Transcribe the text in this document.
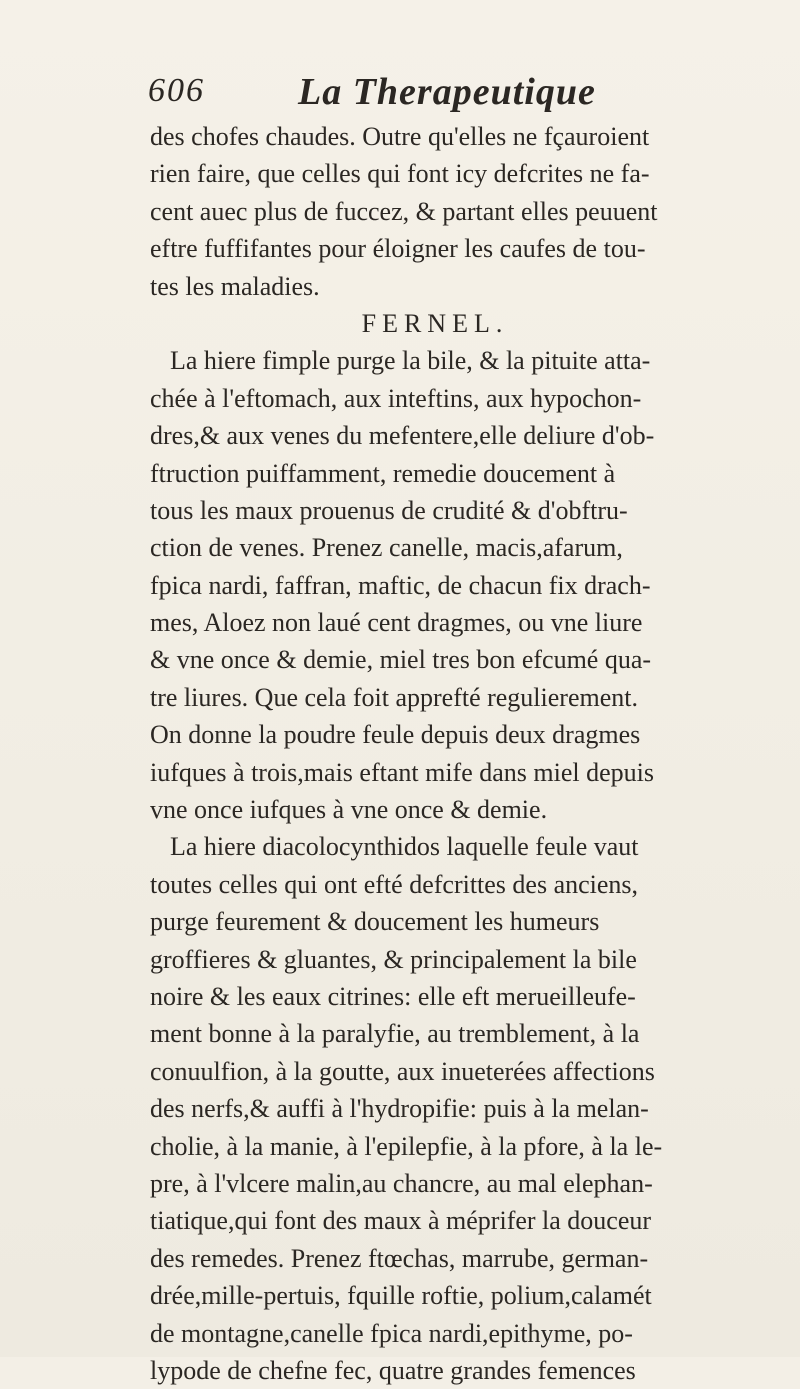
606 La Therapeutique
des chofes chaudes. Outre qu'elles ne fçauroient
rien faire, que celles qui font icy defcrites ne fa-
cent auec plus de fuccez, & partant elles peuuent
eftre fuffifantes pour éloigner les caufes de tou-
tes les maladies.
FERNEL.
La hiere fimple purge la bile, & la pituite atta-
chée à l'eftomach, aux inteftins, aux hypochon-
dres,& aux venes du mefentere,elle deliure d'ob-
ftruction puiffamment, remedie doucement à
tous les maux prouenus de crudité & d'obftru-
ction de venes. Prenez canelle, macis,afarum,
fpica nardi, faffran, maftic, de chacun fix drach-
mes, Aloez non laué cent dragmes, ou vne liure
& vne once & demie, miel tres bon efcumé qua-
tre liures. Que cela foit apprefté regulierement.
On donne la poudre feule depuis deux dragmes
iufques à trois,mais eftant mife dans miel depuis
vne once iufques à vne once & demie.
La hiere diacolocynthidos laquelle feule vaut
toutes celles qui ont efté defcrittes des anciens,
purge feurement & doucement les humeurs
groffieres & gluantes, & principalement la bile
noire & les eaux citrines: elle eft merueilleufe-
ment bonne à la paralyfie, au tremblement, à la
conuulfion, à la goutte, aux inueterées affections
des nerfs,& auffi à l'hydropifie: puis à la melan-
cholie, à la manie, à l'epilepfie, à la pfore, à la le-
pre, à l'vlcere malin,au chancre, au mal elephan-
tiatique,qui font des maux à méprifer la douceur
des remedes. Prenez ftœchas, marrube, german-
drée,mille-pertuis, fquille roftie, polium,calamét
de montagne,canelle fpica nardi,epithyme, po-
lypode de chefne fec, quatre grandes femences
